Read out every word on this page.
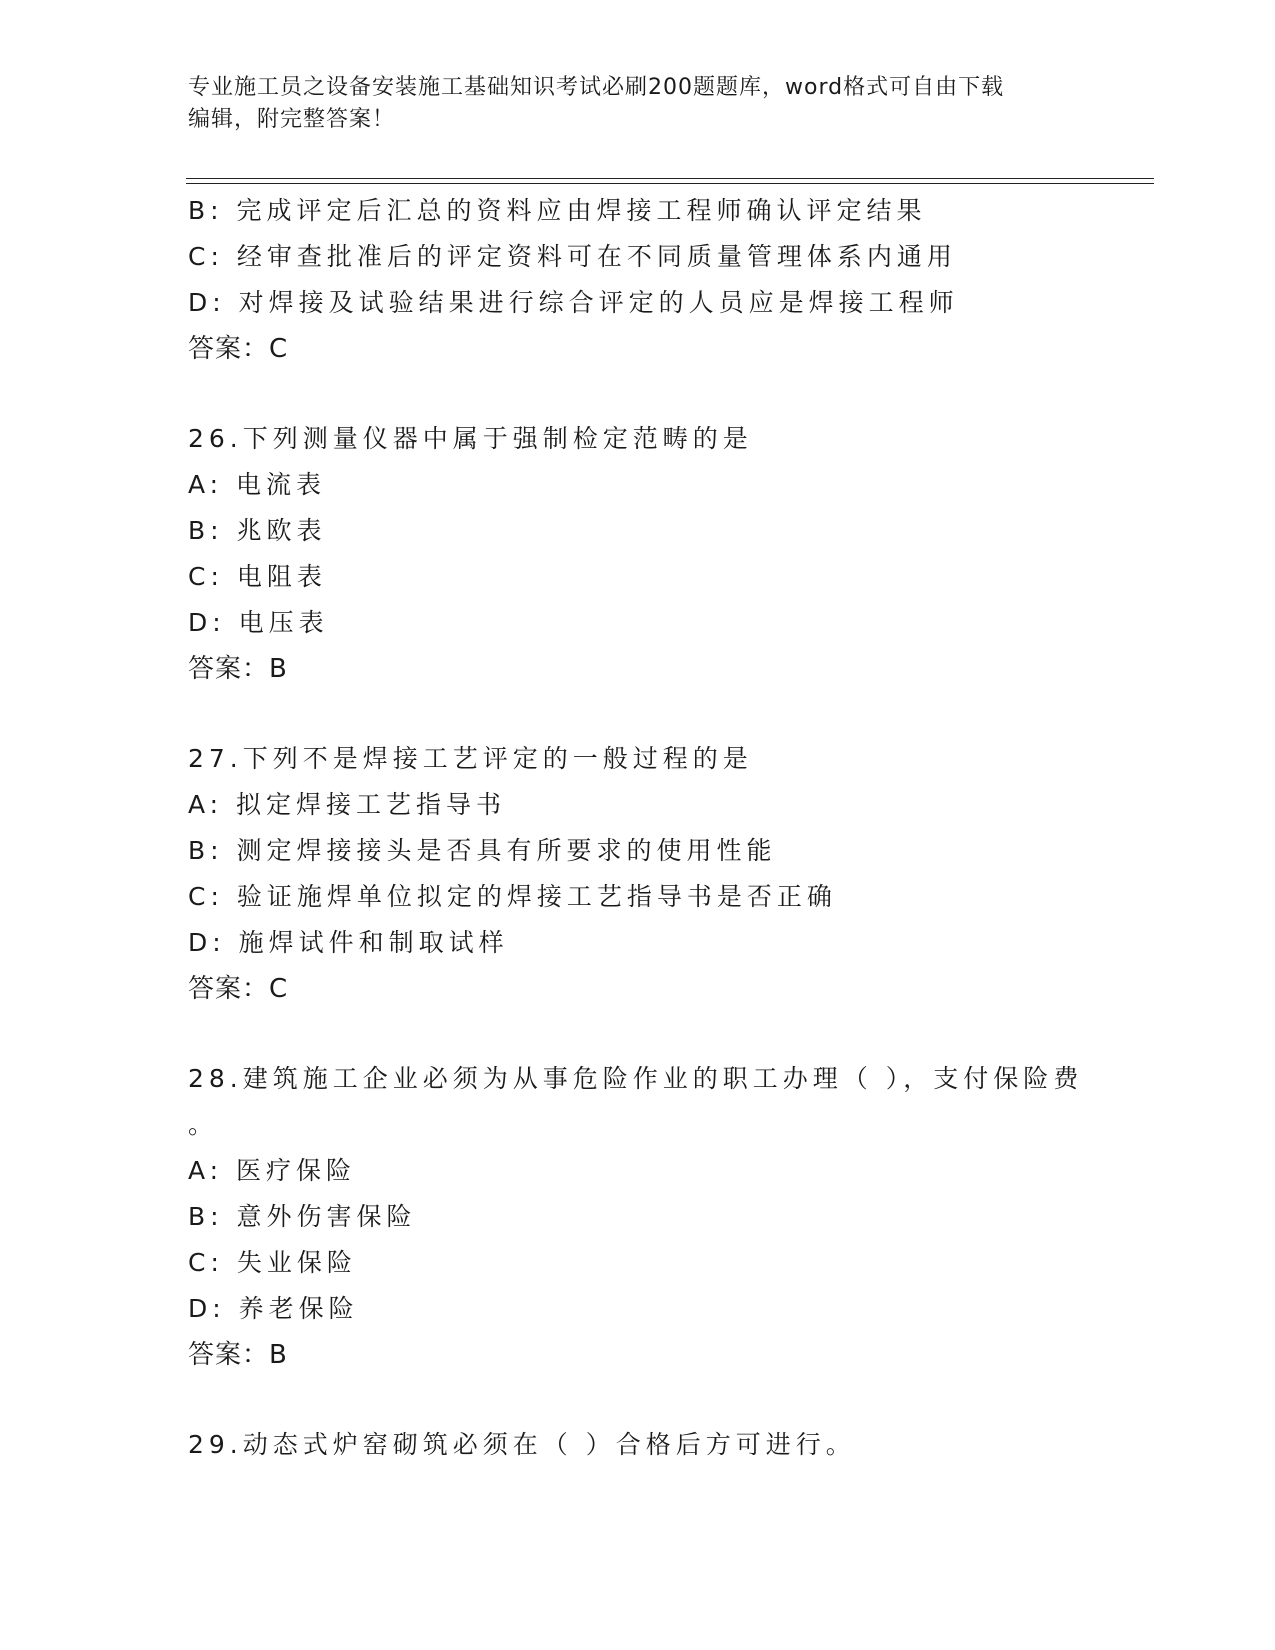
专业施工员之设备安装施工基础知识考试必刷200题题库，word格式可自由下载
编辑，附完整答案！
B: 完成评定后汇总的资料应由焊接工程师确认评定结果
C: 经审查批准后的评定资料可在不同质量管理体系内通用
D: 对焊接及试验结果进行综合评定的人员应是焊接工程师
答案：C
26.下列测量仪器中属于强制检定范畴的是
A: 电流表
B: 兆欧表
C: 电阻表
D: 电压表
答案：B
27.下列不是焊接工艺评定的一般过程的是
A: 拟定焊接工艺指导书
B: 测定焊接接头是否具有所要求的使用性能
C: 验证施焊单位拟定的焊接工艺指导书是否正确
D: 施焊试件和制取试样
答案：C
28.建筑施工企业必须为从事危险作业的职工办理（ ），支付保险费
。
A: 医疗保险
B: 意外伤害保险
C: 失业保险
D: 养老保险
答案：B
29.动态式炉窑砌筑必须在（ ）合格后方可进行。
